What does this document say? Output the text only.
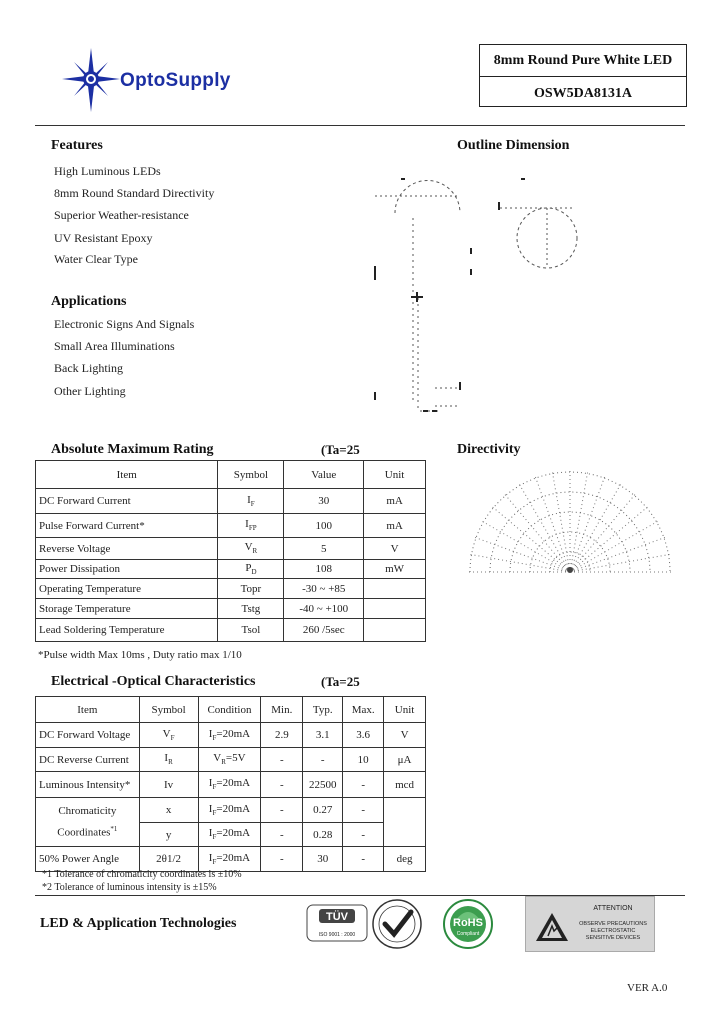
OptoSupply
8mm Round Pure White LED
OSW5DA8131A
Features
High Luminous LEDs
8mm Round Standard Directivity
Superior Weather-resistance
UV Resistant Epoxy
Water Clear Type
Applications
Electronic Signs And Signals
Small Area Illuminations
Back Lighting
Other Lighting
Outline Dimension
Absolute Maximum Rating	(Ta=25
Item	Symbol	Value	Unit
DC Forward Current	$I_F$	30	mA
Pulse Forward Current*	$I_{FP}$	100	mA
Reverse Voltage	$V_R$	5	V
Power Dissipation	$P_D$	108	mW
Operating Temperature	Topr	-30 ~ +85	
Storage Temperature	Tstg	-40 ~ +100	
Lead Soldering Temperature	Tsol	260 /5sec	
*Pulse width Max 10ms , Duty ratio max 1/10
Directivity
Electrical -Optical Characteristics	(Ta=25
Item	Symbol	Condition	Min.	Typ.	Max.	Unit
DC Forward Voltage	$V_F$	$I_F=20mA$	2.9	3.1	3.6	V
DC Reverse Current	$I_R$	$V_R=5V$	-	-	10	μA
Luminous Intensity*	Iv	$I_F=20mA$	-	22500	-	mcd
Chromaticity
Coordinates$^{*1}$	x	$I_F=20mA$	-	0.27	-	
	y	$I_F=20mA$	-	0.28	-	
50% Power Angle	2θ1/2	$I_F=20mA$	-	30	-	deg
*1 Tolerance of chromaticity coordinates is ±10%
*2 Tolerance of luminous intensity is ±15%
LED & Application Technologies	TÜV
ISO 9001 : 2000
RoHS
Compliant
ATTENTION
OBSERVE PRECAUTIONS
ELECTROSTATIC
SENSITIVE DEVICES
VER A.0
